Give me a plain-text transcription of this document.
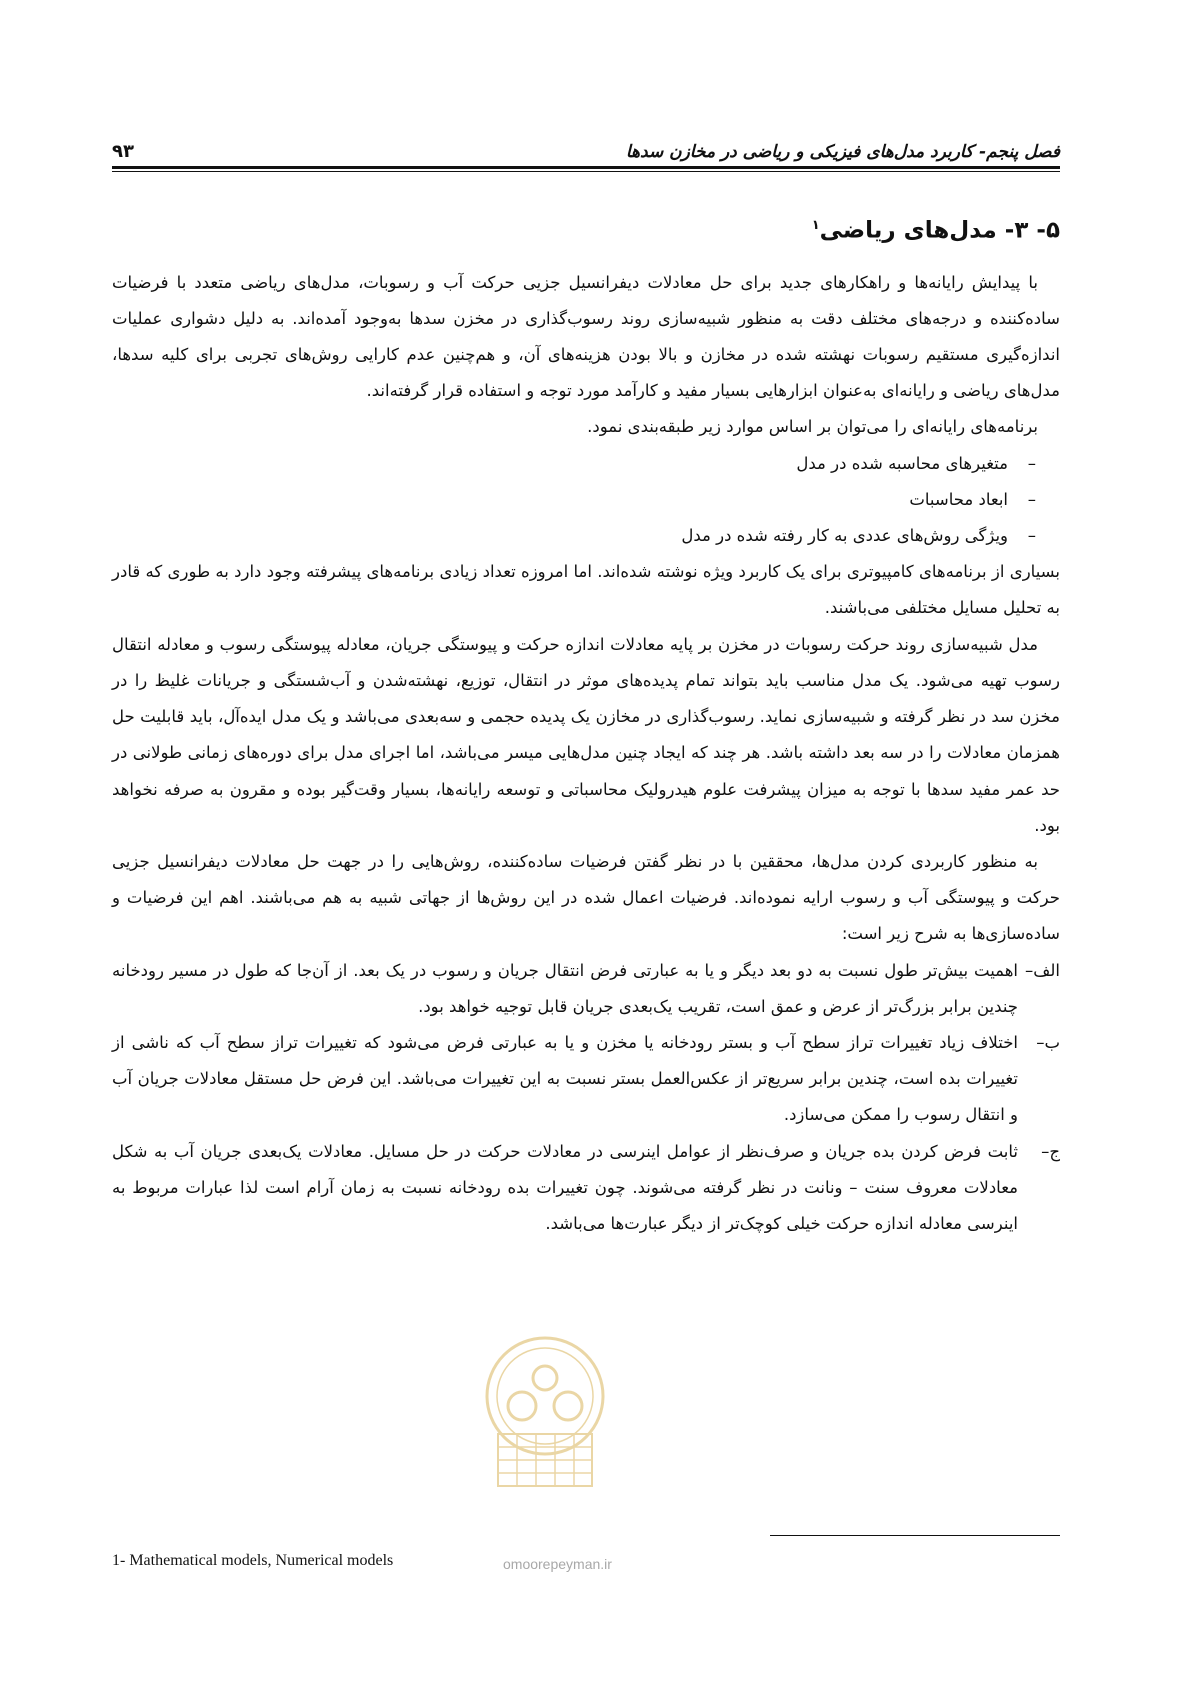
فصل پنجم- کاربرد مدل‌های فیزیکی و ریاضی در مخازن سدها
۹۳
۵- ۳- مدل‌های ریاضی$^۱$

با پیدایش رایانه‌ها و راهکارهای جدید برای حل معادلات دیفرانسیل جزیی حرکت آب و رسوبات، مدل‌های ریاضی متعدد با فرضیات ساده‌کننده و درجه‌های مختلف دقت به منظور شبیه‌سازی روند رسوب‌گذاری در مخزن سدها به‌وجود آمده‌اند. به دلیل دشواری عملیات اندازه‌گیری مستقیم رسوبات نهشته شده در مخازن و بالا بودن هزینه‌های آن، و هم‌چنین عدم کارایی روش‌های تجربی برای کلیه سدها، مدل‌های ریاضی و رایانه‌ای به‌عنوان ابزارهایی بسیار مفید و کارآمد مورد توجه و استفاده قرار گرفته‌اند.

برنامه‌های رایانه‌ای را می‌توان بر اساس موارد زیر طبقه‌بندی نمود.

–متغیرهای محاسبه شده در مدل
–ابعاد محاسبات
–ویژگی روش‌های عددی به کار رفته شده در مدل

بسیاری از برنامه‌های کامپیوتری برای یک کاربرد ویژه نوشته شده‌اند. اما امروزه تعداد زیادی برنامه‌های پیشرفته وجود دارد به طوری که قادر به تحلیل مسایل مختلفی می‌باشند.

مدل شبیه‌سازی روند حرکت رسوبات در مخزن بر پایه معادلات اندازه حرکت و پیوستگی جریان، معادله پیوستگی رسوب و معادله انتقال رسوب تهیه می‌شود. یک مدل مناسب باید بتواند تمام پدیده‌های موثر در انتقال، توزیع، نهشته‌شدن و آب‌شستگی و جریانات غلیظ را در مخزن سد در نظر گرفته و شبیه‌سازی نماید. رسوب‌گذاری در مخازن یک پدیده حجمی و سه‌بعدی می‌باشد و یک مدل ایده‌آل، باید قابلیت حل همزمان معادلات را در سه بعد داشته باشد. هر چند که ایجاد چنین مدل‌هایی میسر می‌باشد، اما اجرای مدل برای دوره‌های زمانی طولانی در حد عمر مفید سدها با توجه به میزان پیشرفت علوم هیدرولیک محاسباتی و توسعه رایانه‌ها، بسیار وقت‌گیر بوده و مقرون به صرفه نخواهد بود.

به منظور کاربردی کردن مدل‌ها، محققین با در نظر گفتن فرضیات ساده‌کننده، روش‌هایی را در جهت حل معادلات دیفرانسیل جزیی حرکت و پیوستگی آب و رسوب ارایه نموده‌اند. فرضیات اعمال شده در این روش‌ها از جهاتی شبیه به هم می‌باشند. اهم این فرضیات و ساده‌سازی‌ها به شرح زیر است:

الف–
اهمیت بیش‌تر طول نسبت به دو بعد دیگر و یا به عبارتی فرض انتقال جریان و رسوب در یک بعد. از آن‌جا که طول در مسیر رودخانه چندین برابر بزرگ‌تر از عرض و عمق است، تقریب یک‌بعدی جریان قابل توجیه خواهد بود.
ب–
اختلاف زیاد تغییرات تراز سطح آب و بستر رودخانه یا مخزن و یا به عبارتی فرض می‌شود که تغییرات تراز سطح آب که ناشی از تغییرات بده است، چندین برابر سریع‌تر از عکس‌العمل بستر نسبت به این تغییرات می‌باشد. این فرض حل مستقل معادلات جریان آب و انتقال رسوب را ممکن می‌سازد.
ج–
ثابت فرض کردن بده جریان و صرف‌نظر از عوامل اینرسی در معادلات حرکت در حل مسایل. معادلات یک‌بعدی جریان آب به شکل معادلات معروف سنت – ونانت در نظر گرفته می‌شوند. چون تغییرات بده رودخانه نسبت به زمان آرام است لذا عبارات مربوط به اینرسی معادله اندازه حرکت خیلی کوچک‌تر از دیگر عبارت‌ها می‌باشد.
omoorepeyman.ir
1- Mathematical models, Numerical models
